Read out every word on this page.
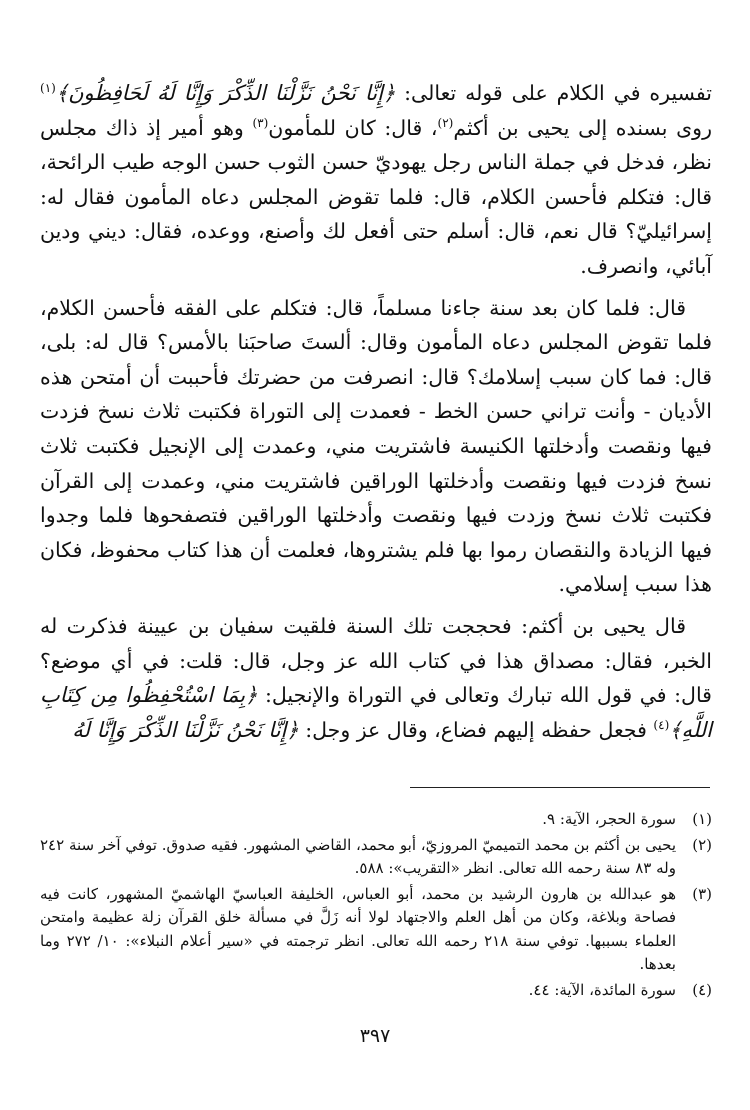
تفسيره في الكلام على قوله تعالى: ﴿إِنَّا نَحْنُ نَزَّلْنَا الذِّكْرَ وَإِنَّا لَهُ لَحَافِظُونَ﴾$^{(١)}$ روى بسنده إلى يحيى بن أكثم$^{(٢)}$، قال: كان للمأمون$^{(٣)}$ وهو أمير إذ ذاك مجلس نظر، فدخل في جملة الناس رجل يهوديّ حسن الثوب حسن الوجه طيب الرائحة، قال: فتكلم فأحسن الكلام، قال: فلما تقوض المجلس دعاه المأمون فقال له: إسرائيليّ؟ قال نعم، قال: أسلم حتى أفعل لك وأصنع، ووعده، فقال: ديني ودين آبائي، وانصرف.

قال: فلما كان بعد سنة جاءنا مسلماً، قال: فتكلم على الفقه فأحسن الكلام، فلما تقوض المجلس دعاه المأمون وقال: ألستَ صاحبَنا بالأمس؟ قال له: بلى، قال: فما كان سبب إسلامك؟ قال: انصرفت من حضرتك فأحببت أن أمتحن هذه الأديان - وأنت تراني حسن الخط - فعمدت إلى التوراة فكتبت ثلاث نسخ فزدت فيها ونقصت وأدخلتها الكنيسة فاشتريت مني، وعمدت إلى الإنجيل فكتبت ثلاث نسخ فزدت فيها ونقصت وأدخلتها الوراقين فاشتريت مني، وعمدت إلى القرآن فكتبت ثلاث نسخ وزدت فيها ونقصت وأدخلتها الوراقين فتصفحوها فلما وجدوا فيها الزيادة والنقصان رموا بها فلم يشتروها، فعلمت أن هذا كتاب محفوظ، فكان هذا سبب إسلامي.

قال يحيى بن أكثم: فحججت تلك السنة فلقيت سفيان بن عيينة فذكرت له الخبر، فقال: مصداق هذا في كتاب الله عز وجل، قال: قلت: في أي موضع؟ قال: في قول الله تبارك وتعالى في التوراة والإنجيل: ﴿بِمَا اسْتُحْفِظُوا مِن كِتَابِ اللَّهِ﴾$^{(٤)}$ فجعل حفظه إليهم فضاع، وقال عز وجل: ﴿إِنَّا نَحْنُ نَزَّلْنَا الذِّكْرَ وَإِنَّا لَهُ

(١)
سورة الحجر، الآية: ٩.
(٢)
يحيى بن أكثم بن محمد التميميّ المروزيّ، أبو محمد، القاضي المشهور. فقيه صدوق. توفي آخر سنة ٢٤٢ وله ٨٣ سنة رحمه الله تعالى. انظر «التقريب»: ٥٨٨.
(٣)
هو عبدالله بن هارون الرشيد بن محمد، أبو العباس، الخليفة العباسيّ الهاشميّ المشهور، كانت فيه فصاحة وبلاغة، وكان من أهل العلم والاجتهاد لولا أنه زَلَّ في مسألة خلق القرآن زلة عظيمة وامتحن العلماء بسببها. توفي سنة ٢١٨ رحمه الله تعالى. انظر ترجمته في «سير أعلام النبلاء»: ١٠/ ٢٧٢ وما بعدها.
(٤)
سورة المائدة، الآية: ٤٤.
٣٩٧
